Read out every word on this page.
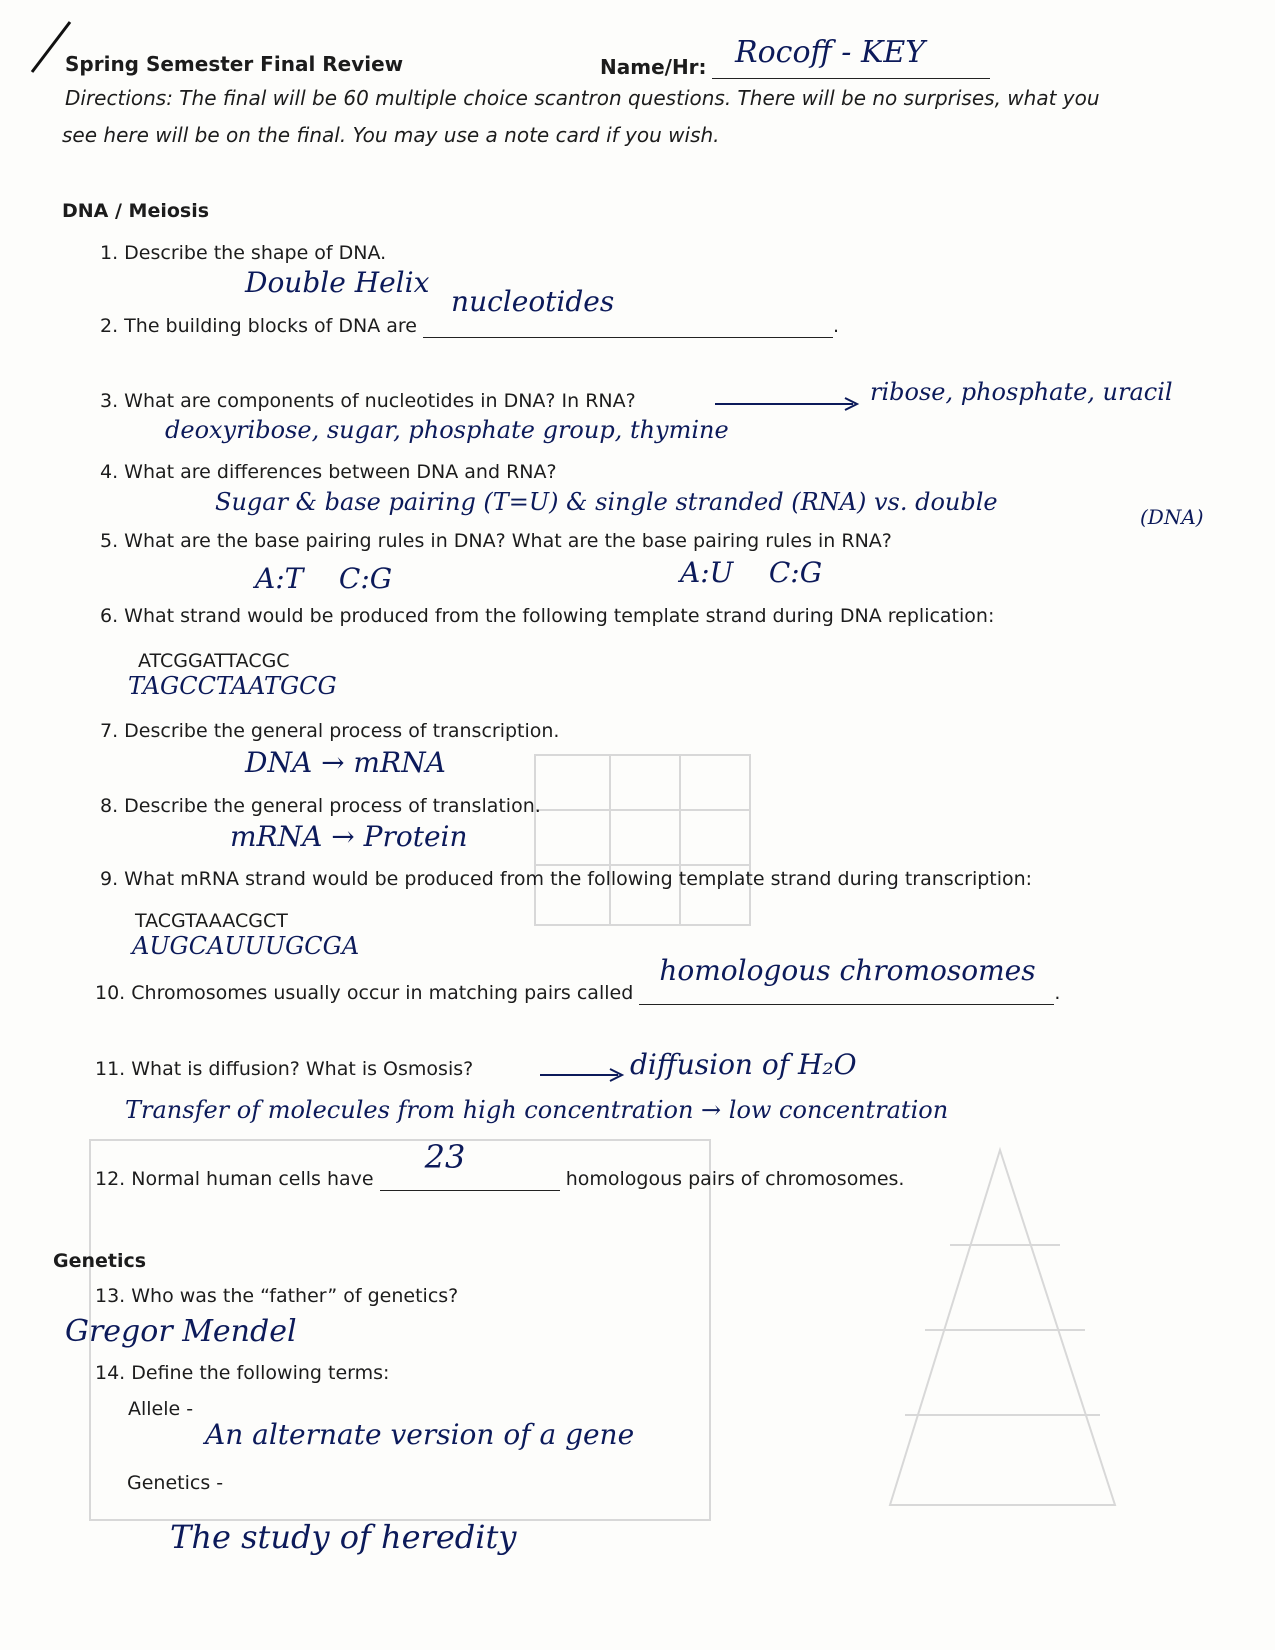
Spring Semester Final Review	Name/Hr: Rocoff - KEY
Directions: The final will be 60 multiple choice scantron questions. There will be no surprises, what you
see here will be on the final. You may use a note card if you wish.
DNA / Meiosis
1. Describe the shape of DNA.
Double Helix
2. The building blocks of DNA are
nucleotides
.
3. What are components of nucleotides in DNA? In RNA?	ribose, phosphate, uracil
deoxyribose, sugar, phosphate group, thymine
4. What are differences between DNA and RNA?
Sugar & base pairing (T=U) & single stranded (RNA) vs. double
(DNA)
5. What are the base pairing rules in DNA? What are the base pairing rules in RNA?
A:T    C:G	A:U    C:G
6. What strand would be produced from the following template strand during DNA replication:
ATCGGATTACGC
TAGCCTAATGCG
7. Describe the general process of transcription.
DNA → mRNA
8. Describe the general process of translation.
mRNA → Protein
9. What mRNA strand would be produced from the following template strand during transcription:
TACGTAAACGCT
AUGCAUUUGCGA
10. Chromosomes usually occur in matching pairs called
homologous chromosomes
.
11. What is diffusion? What is Osmosis?	diffusion of H₂O
Transfer of molecules from high concentration → low concentration
12. Normal human cells have
23
homologous pairs of chromosomes.
Genetics
13. Who was the “father” of genetics?
Gregor Mendel
14. Define the following terms:
Allele -
An alternate version of a gene
Genetics -
The study of heredity
